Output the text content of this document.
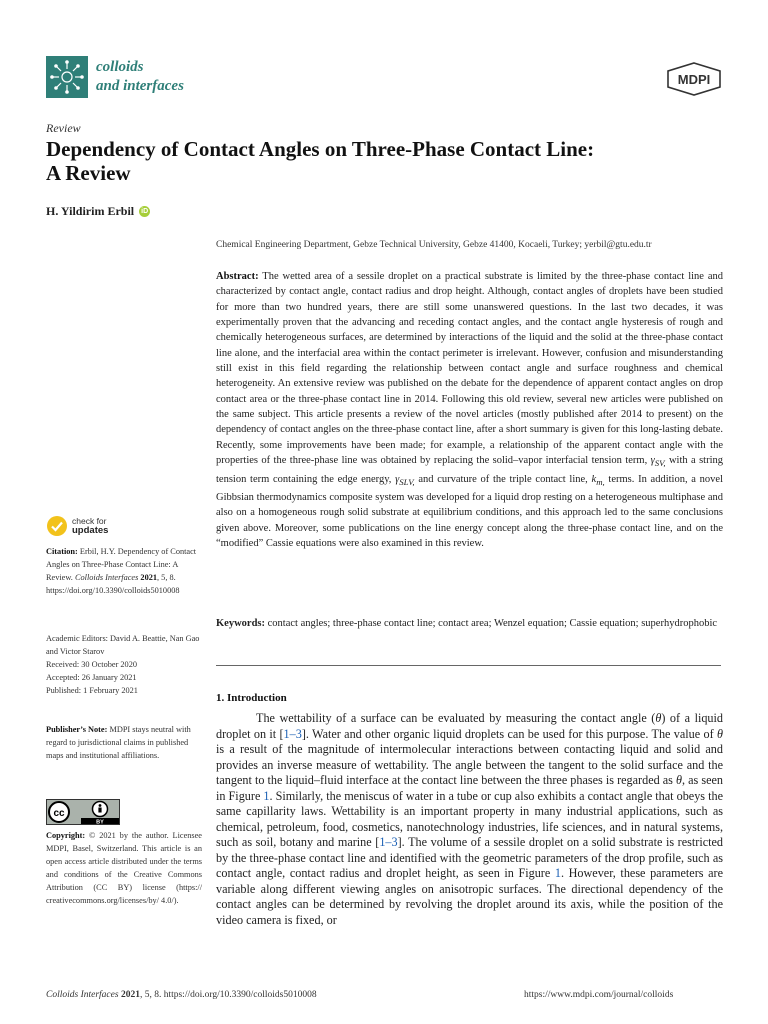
colloids
and interfaces	MDPI
Review
Dependency of Contact Angles on Three-Phase Contact Line:
A Review
H. Yildirim Erbil iD
Chemical Engineering Department, Gebze Technical University, Gebze 41400, Kocaeli, Turkey; yerbil@gtu.edu.tr
Abstract: The wetted area of a sessile droplet on a practical substrate is limited by the three-phase contact line and characterized by contact angle, contact radius and drop height. Although, contact angles of droplets have been studied for more than two hundred years, there are still some unanswered questions. In the last two decades, it was experimentally proven that the advancing and receding contact angles, and the contact angle hysteresis of rough and chemically heterogeneous surfaces, are determined by interactions of the liquid and the solid at the three-phase contact line alone, and the interfacial area within the contact perimeter is irrelevant. However, confusion and misunderstanding still exist in this field regarding the relationship between contact angle and surface roughness and chemical heterogeneity. An extensive review was published on the debate for the dependence of apparent contact angles on drop contact area or the three-phase contact line in 2014. Following this old review, several new articles were published on the same subject. This article presents a review of the novel articles (mostly published after 2014 to present) on the dependency of contact angles on the three-phase contact line, after a short summary is given for this long-lasting debate. Recently, some improvements have been made; for example, a relationship of the apparent contact angle with the properties of the three-phase line was obtained by replacing the solid–vapor interfacial tension term, $\gamma_{SV,}$ with a string tension term containing the edge energy, $\gamma_{SLV,}$ and curvature of the triple contact line, $k_{m,}$ terms. In addition, a novel Gibbsian thermodynamics composite system was developed for a liquid drop resting on a heterogeneous multiphase and also on a homogeneous rough solid substrate at equilibrium conditions, and this approach led to the same conclusions given above. Moreover, some publications on the line energy concept along the three-phase contact line, and on the “modified” Cassie equations were also examined in this review.
Keywords: contact angles; three-phase contact line; contact area; Wenzel equation; Cassie equation; superhydrophobic
check for
updates

Citation: Erbil, H.Y. Dependency of Contact Angles on Three-Phase Contact Line: A Review. Colloids Interfaces 2021, 5, 8. https://doi.org/10.3390/colloids5010008

Academic Editors: David A. Beattie, Nan Gao and Victor Starov

Received: 30 October 2020

Accepted: 26 January 2021

Published: 1 February 2021

Publisher’s Note: MDPI stays neutral with regard to jurisdictional claims in published maps and institutional affiliations.

cc
BY

Copyright: © 2021 by the author. Licensee MDPI, Basel, Switzerland. This article is an open access article distributed under the terms and conditions of the Creative Commons Attribution (CC BY) license (https:// creativecommons.org/licenses/by/ 4.0/).

1. Introduction

The wettability of a surface can be evaluated by measuring the contact angle (θ) of a liquid droplet on it [1–3]. Water and other organic liquid droplets can be used for this purpose. The value of θ is a result of the magnitude of intermolecular interactions between contacting liquid and solid and provides an inverse measure of wettability. The angle between the tangent to the solid surface and the tangent to the liquid–fluid interface at the contact line between the three phases is regarded as θ, as seen in Figure 1. Similarly, the meniscus of water in a tube or cup also exhibits a contact angle that obeys the same capillarity laws. Wettability is an important property in many industrial applications, such as chemical, petroleum, food, cosmetics, nanotechnology industries, life sciences, and in natural systems, such as soil, botany and marine [1–3]. The volume of a sessile droplet on a solid substrate is restricted by the three-phase contact line and identified with the geometric parameters of the drop profile, such as contact angle, contact radius and droplet height, as seen in Figure 1. However, these parameters are variable along different viewing angles on anisotropic surfaces. The directional dependency of the contact angles can be determined by revolving the droplet around its axis, while the position of the video camera is fixed, or

Colloids Interfaces 2021, 5, 8. https://doi.org/10.3390/colloids5010008	https://www.mdpi.com/journal/colloids
